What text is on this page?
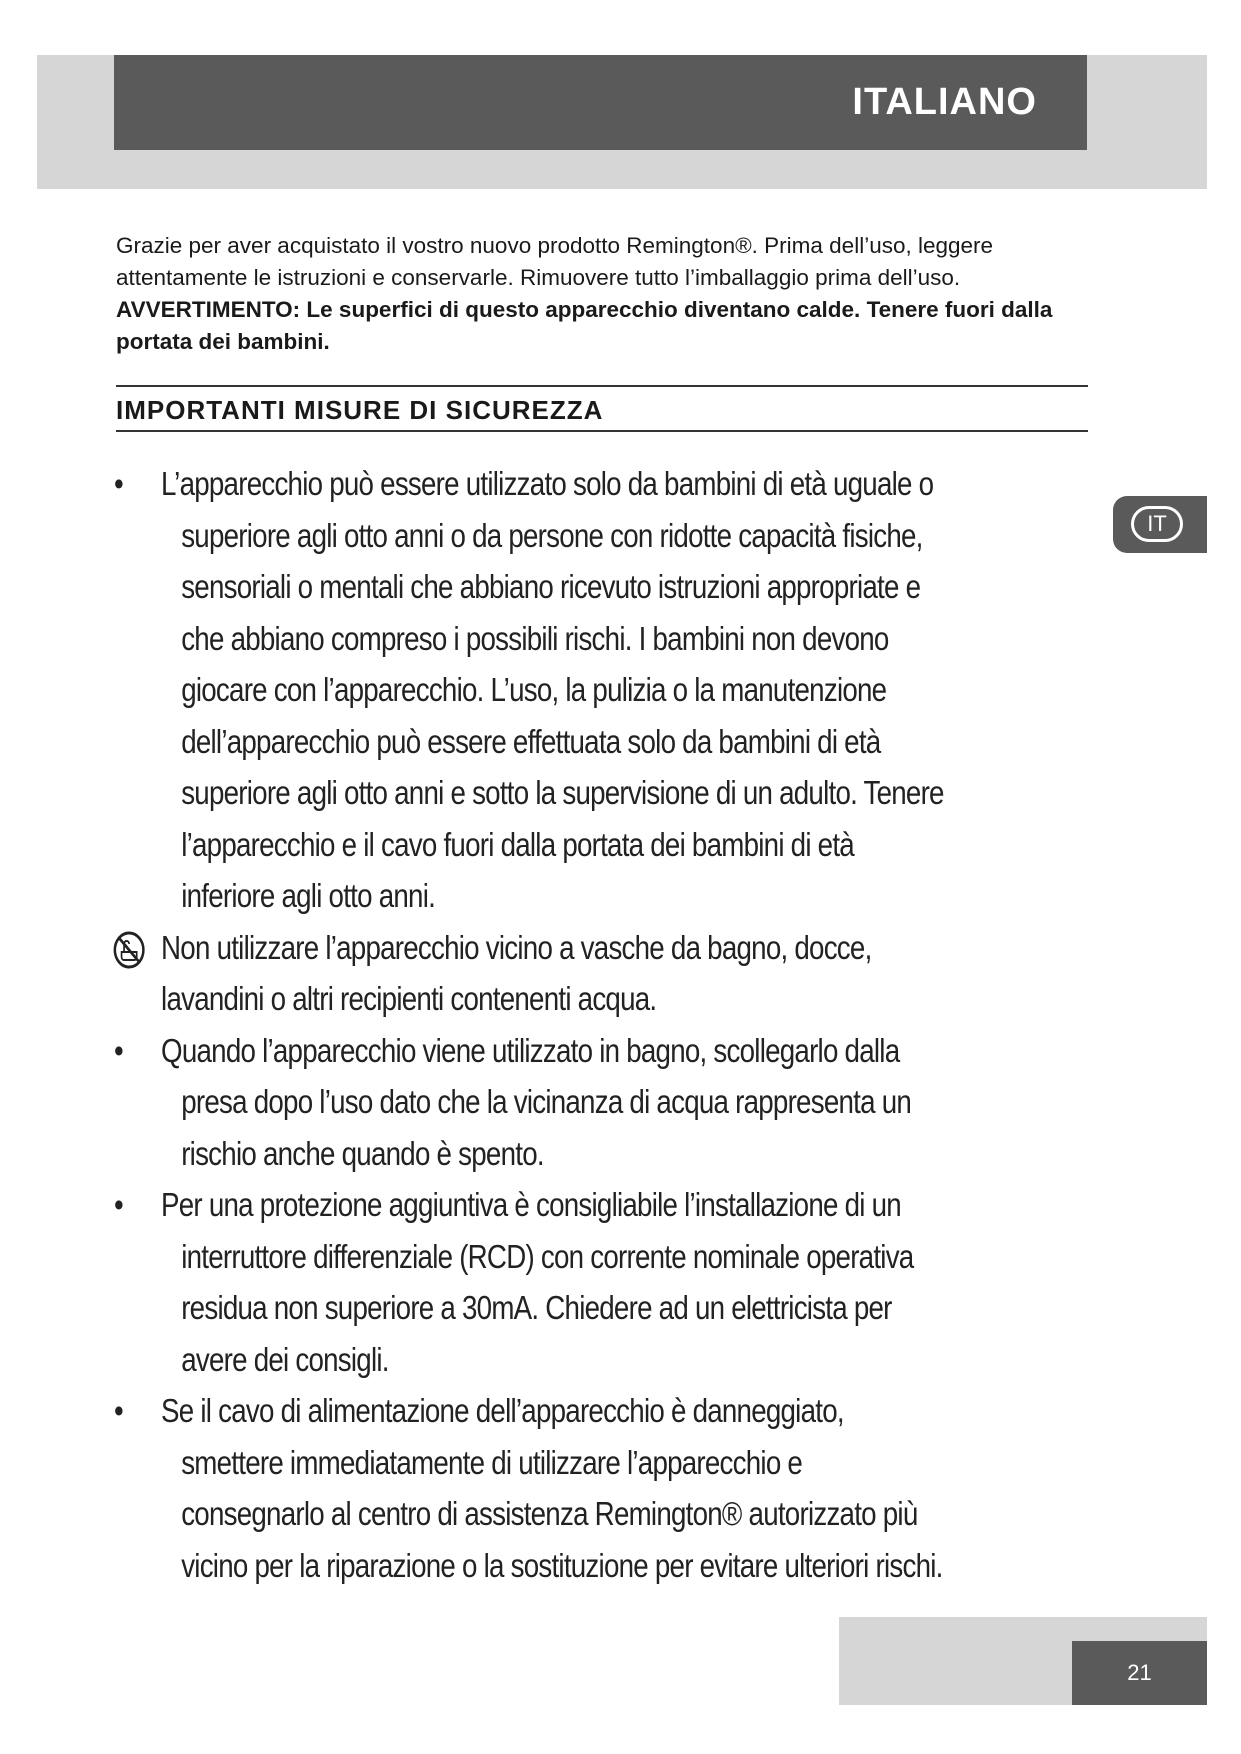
ITALIANO

Grazie per aver acquistato il vostro nuovo prodotto Remington®. Prima dell’uso, leggere attentamente le istruzioni e conservarle. Rimuovere tutto l’imballaggio prima dell’uso.

AVVERTIMENTO: Le superfici di questo apparecchio diventano calde. Tenere fuori dalla portata dei bambini.

IMPORTANTI MISURE DI SICUREZZA
IT
•	L’apparecchio può essere utilizzato solo da bambini di età uguale o superiore agli otto anni o da persone con ridotte capacità fisiche, sensoriali o mentali che abbiano ricevuto istruzioni appropriate e che abbiano compreso i possibili rischi. I bambini non devono giocare con l’apparecchio. L’uso, la pulizia o la manutenzione dell’apparecchio può essere effettuata solo da bambini di età superiore agli otto anni e sotto la supervisione di un adulto. Tenere l’apparecchio e il cavo fuori dalla portata dei bambini di età inferiore agli otto anni.
Non utilizzare l’apparecchio vicino a vasche da bagno, docce, lavandini o altri recipienti contenenti acqua.
•	Quando l’apparecchio viene utilizzato in bagno, scollegarlo dalla presa dopo l’uso dato che la vicinanza di acqua rappresenta un rischio anche quando è spento.
•	Per una protezione aggiuntiva è consigliabile l’installazione di un interruttore differenziale (RCD) con corrente nominale operativa residua non superiore a 30mA. Chiedere ad un elettricista per avere dei consigli.
•	Se il cavo di alimentazione dell’apparecchio è danneggiato, smettere immediatamente di utilizzare l’apparecchio e consegnarlo al centro di assistenza Remington® autorizzato più vicino per la riparazione o la sostituzione per evitare ulteriori rischi.
21
